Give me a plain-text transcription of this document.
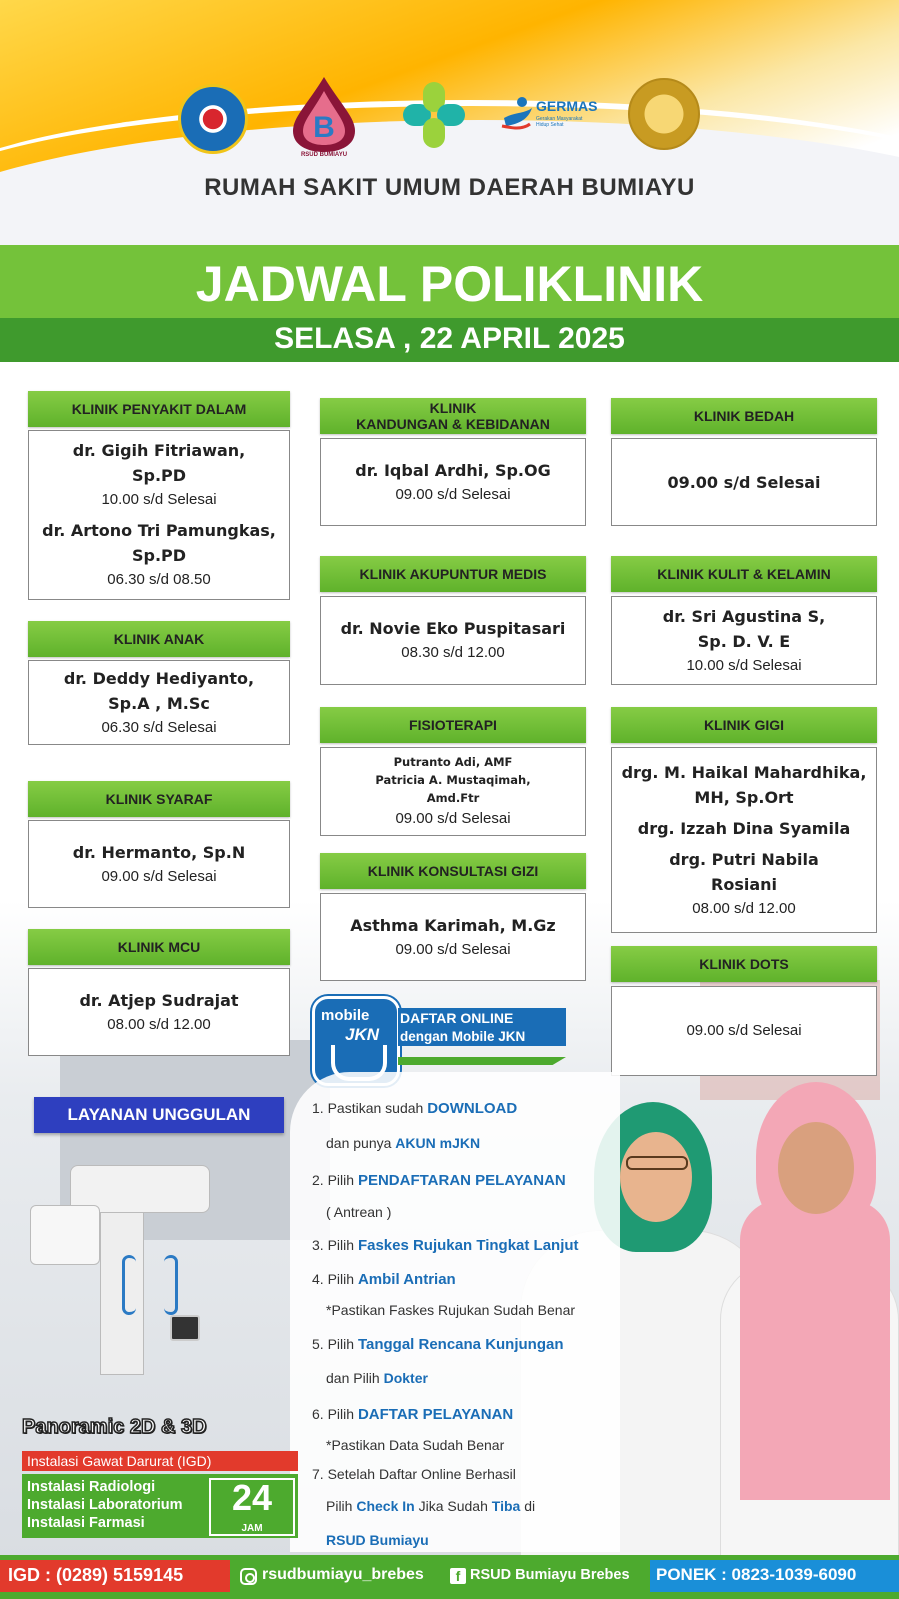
B
RSUD BUMIAYU
GERMAS
Gerakan Masyarakat Hidup Sehat
RUMAH SAKIT UMUM DAERAH BUMIAYU
JADWAL POLIKLINIK
SELASA , 22 APRIL 2025
KLINIK PENYAKIT DALAM
dr. Gigih Fitriawan,
Sp.PD
10.00 s/d Selesai
dr. Artono Tri Pamungkas,
Sp.PD
06.30 s/d 08.50
KLINIK ANAK
dr. Deddy Hediyanto,
Sp.A , M.Sc
06.30 s/d Selesai
KLINIK SYARAF
dr. Hermanto, Sp.N
09.00 s/d Selesai
KLINIK MCU
dr. Atjep Sudrajat
08.00 s/d 12.00
KLINIK
KANDUNGAN & KEBIDANAN
dr. Iqbal Ardhi, Sp.OG
09.00 s/d Selesai
KLINIK AKUPUNTUR MEDIS
dr. Novie Eko Puspitasari
08.30 s/d 12.00
FISIOTERAPI
Putranto Adi, AMF
Patricia A. Mustaqimah,
Amd.Ftr
09.00 s/d Selesai
KLINIK KONSULTASI GIZI
Asthma Karimah, M.Gz
09.00 s/d Selesai
KLINIK BEDAH
09.00 s/d Selesai
KLINIK KULIT & KELAMIN
dr. Sri Agustina S,
Sp. D. V. E
10.00 s/d Selesai
KLINIK GIGI
drg. M. Haikal Mahardhika,
MH, Sp.Ort
drg. Izzah Dina Syamila
drg. Putri Nabila
Rosiani
08.00 s/d 12.00
KLINIK DOTS
09.00 s/d Selesai
mobile
JKN
DAFTAR ONLINE
dengan Mobile JKN
1. Pastikan sudah DOWNLOAD
dan punya AKUN mJKN
2. Pilih PENDAFTARAN PELAYANAN
( Antrean )
3. Pilih Faskes Rujukan Tingkat Lanjut
4. Pilih Ambil Antrian
*Pastikan Faskes Rujukan Sudah Benar
5. Pilih Tanggal Rencana Kunjungan
dan Pilih Dokter
6. Pilih DAFTAR PELAYANAN
*Pastikan Data Sudah Benar
7. Setelah Daftar Online Berhasil
Pilih Check In Jika Sudah Tiba di
RSUD Bumiayu
LAYANAN UNGGULAN
Panoramic 2D & 3D
Instalasi Gawat Darurat (IGD)
Instalasi Radiologi
Instalasi Laboratorium
Instalasi Farmasi
24
JAM
IGD : (0289) 5159145	rsudbumiayu_brebes	f RSUD Bumiayu Brebes PONEK : 0823-1039-6090
